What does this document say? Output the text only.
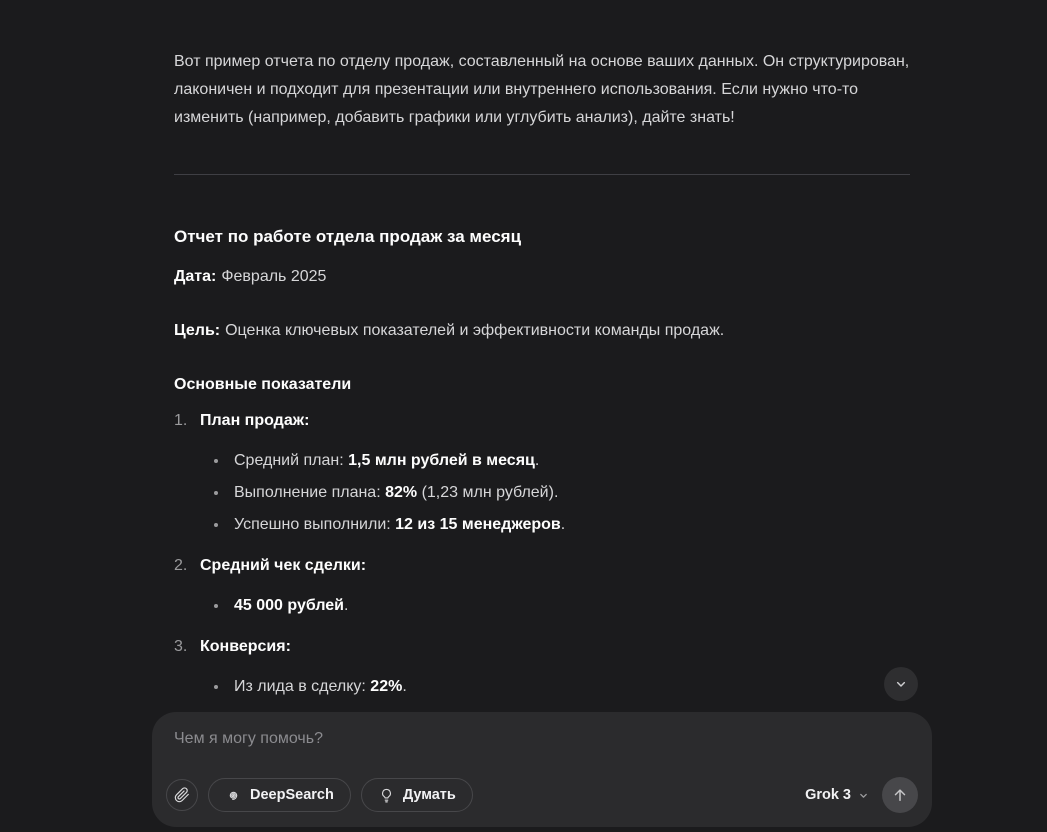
Вот пример отчета по отделу продаж, составленный на основе ваших данных. Он структурирован, лаконичен и подходит для презентации или внутреннего использования. Если нужно что-то изменить (например, добавить графики или углубить анализ), дайте знать!

Отчет по работе отдела продаж за месяц

Дата: Февраль 2025

Цель: Оценка ключевых показателей и эффективности команды продаж.

Основные показатели

1. План продаж:
Средний план: 1,5 млн рублей в месяц.
Выполнение плана: 82% (1,23 млн рублей).
Успешно выполнили: 12 из 15 менеджеров.
2. Средний чек сделки:
45 000 рублей.
3. Конверсия:
Из лида в сделку: 22%.
Чем я могу помочь?
DeepSearch	Думать	Grok 3
